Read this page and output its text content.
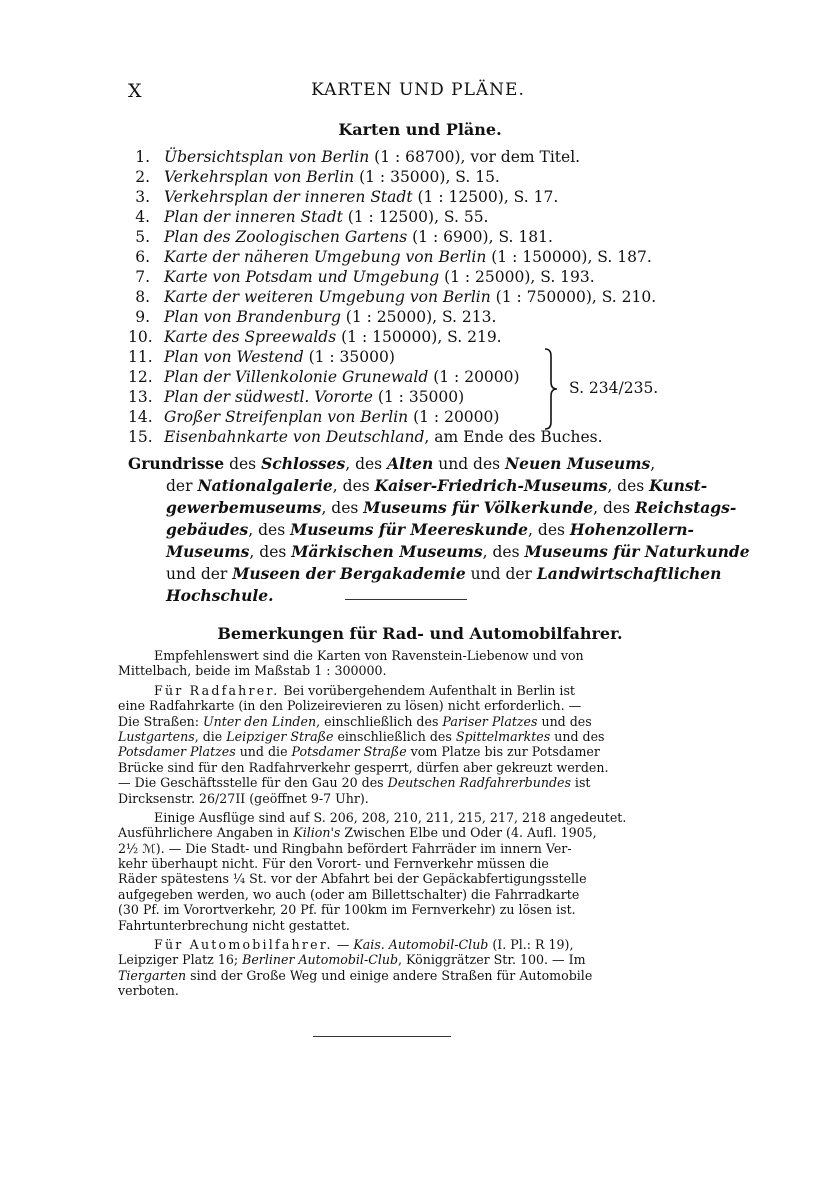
X	KARTEN UND PLÄNE.
Karten und Pläne.
1. Übersichtsplan von Berlin (1 : 68700), vor dem Titel.
2. Verkehrsplan von Berlin (1 : 35000), S. 15.
3. Verkehrsplan der inneren Stadt (1 : 12500), S. 17.
4. Plan der inneren Stadt (1 : 12500), S. 55.
5. Plan des Zoologischen Gartens (1 : 6900), S. 181.
6. Karte der näheren Umgebung von Berlin (1 : 150000), S. 187.
7. Karte von Potsdam und Umgebung (1 : 25000), S. 193.
8. Karte der weiteren Umgebung von Berlin (1 : 750000), S. 210.
9. Plan von Brandenburg (1 : 25000), S. 213.
10. Karte des Spreewalds (1 : 150000), S. 219.
11. Plan von Westend (1 : 35000)
12. Plan der Villenkolonie Grunewald (1 : 20000)
13. Plan der südwestl. Vororte (1 : 35000)
14. Großer Streifenplan von Berlin (1 : 20000)
15. Eisenbahnkarte von Deutschland, am Ende des Buches.
S. 234/235.
Grundrisse des Schlosses, des Alten und des Neuen Museums,
der Nationalgalerie, des Kaiser-Friedrich-Museums, des Kunst-
gewerbemuseums, des Museums für Völkerkunde, des Reichstags-
gebäudes, des Museums für Meereskunde, des Hohenzollern-
Museums, des Märkischen Museums, des Museums für Naturkunde
und der Museen der Bergakademie und der Landwirtschaftlichen
Hochschule.
Bemerkungen für Rad- und Automobilfahrer.
Empfehlenswert sind die Karten von Ravenstein-Liebenow und von
Mittelbach, beide im Maßstab 1 : 300000.
Für Radfahrer. Bei vorübergehendem Aufenthalt in Berlin ist
eine Radfahrkarte (in den Polizeirevieren zu lösen) nicht erforderlich. —
Die Straßen: Unter den Linden, einschließlich des Pariser Platzes und des
Lustgartens, die Leipziger Straße einschließlich des Spittelmarktes und des
Potsdamer Platzes und die Potsdamer Straße vom Platze bis zur Potsdamer
Brücke sind für den Radfahrverkehr gesperrt, dürfen aber gekreuzt werden.
— Die Geschäftsstelle für den Gau 20 des Deutschen Radfahrerbundes ist
Dircksenstr. 26/27II (geöffnet 9-7 Uhr).
Einige Ausflüge sind auf S. 206, 208, 210, 211, 215, 217, 218 angedeutet.
Ausführlichere Angaben in Kilion's Zwischen Elbe und Oder (4. Aufl. 1905,
2½ ℳ). — Die Stadt- und Ringbahn befördert Fahrräder im innern Ver-
kehr überhaupt nicht. Für den Vorort- und Fernverkehr müssen die
Räder spätestens ¼ St. vor der Abfahrt bei der Gepäckabfertigungsstelle
aufgegeben werden, wo auch (oder am Billettschalter) die Fahrradkarte
(30 Pf. im Vorortverkehr, 20 Pf. für 100km im Fernverkehr) zu lösen ist.
Fahrtunterbrechung nicht gestattet.
Für Automobilfahrer. — Kais. Automobil-Club (I. Pl.: R 19),
Leipziger Platz 16; Berliner Automobil-Club, Königgrätzer Str. 100. — Im
Tiergarten sind der Große Weg und einige andere Straßen für Automobile
verboten.
